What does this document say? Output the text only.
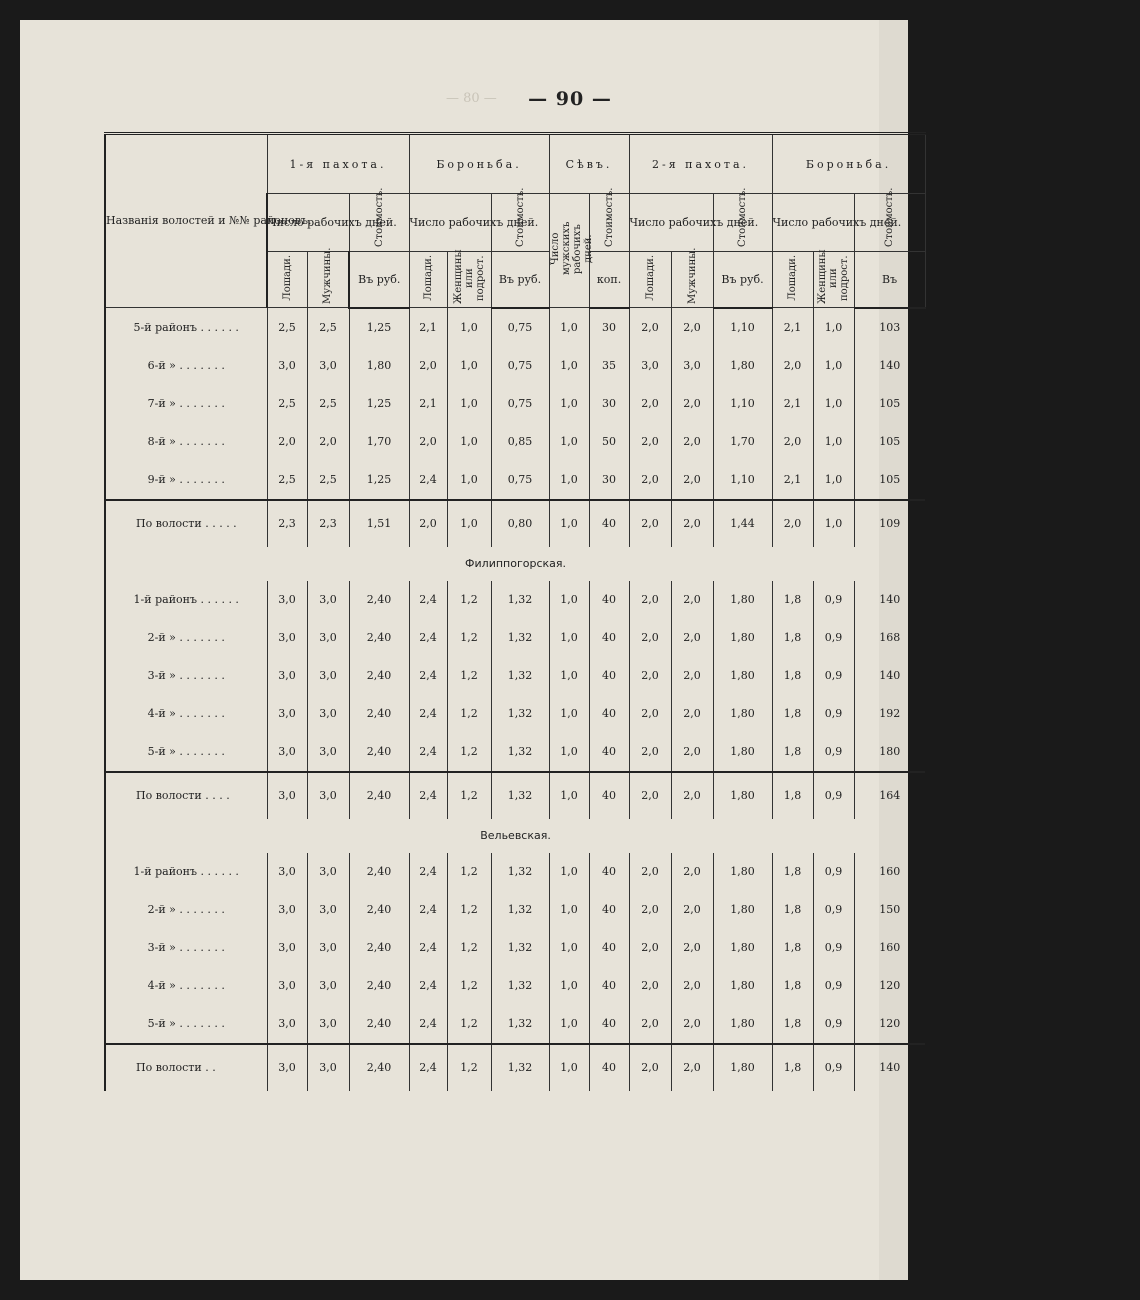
— 80 —	— 90 —
Названія волостей и №№ районовъ.	1-я пахота.			Бороньба.			Сѣвъ.		2-я пахота.			Бороньба.	
	Число рабочихъ дней.		Стоимость.	Число рабочихъ дней.		Стоимость.	Число мужскихъ рабочихъ дней.	Стоимость.	Число рабочихъ дней.		Стоимость.	Число рабочихъ дней.		Стоимость.	
	Лошади.	Мужчины.		Лошади.	Женщины или подрост.				Лошади.	Мужчины.		Лошади.	Женщины или подрост.		
			Въ руб.			Въ руб.		коп.			Въ руб.			Въ	
5-й районъ . . . . . .	2,5	2,5	1,25	2,1	1,0	0,75	1,0	30	2,0	2,0	1,10	2,1	1,0	103	
6-й » . . . . . . .	3,0	3,0	1,80	2,0	1,0	0,75	1,0	35	3,0	3,0	1,80	2,0	1,0	140	
7-й » . . . . . . .	2,5	2,5	1,25	2,1	1,0	0,75	1,0	30	2,0	2,0	1,10	2,1	1,0	105	
8-й » . . . . . . .	2,0	2,0	1,70	2,0	1,0	0,85	1,0	50	2,0	2,0	1,70	2,0	1,0	105	
9-й » . . . . . . .	2,5	2,5	1,25	2,4	1,0	0,75	1,0	30	2,0	2,0	1,10	2,1	1,0	105	
По волости . . . . .	2,3	2,3	1,51	2,0	1,0	0,80	1,0	40	2,0	2,0	1,44	2,0	1,0	109	
Филиппогорская.															
1-й районъ . . . . . .	3,0	3,0	2,40	2,4	1,2	1,32	1,0	40	2,0	2,0	1,80	1,8	0,9	140	
2-й » . . . . . . .	3,0	3,0	2,40	2,4	1,2	1,32	1,0	40	2,0	2,0	1,80	1,8	0,9	168	
3-й » . . . . . . .	3,0	3,0	2,40	2,4	1,2	1,32	1,0	40	2,0	2,0	1,80	1,8	0,9	140	
4-й » . . . . . . .	3,0	3,0	2,40	2,4	1,2	1,32	1,0	40	2,0	2,0	1,80	1,8	0,9	192	
5-й » . . . . . . .	3,0	3,0	2,40	2,4	1,2	1,32	1,0	40	2,0	2,0	1,80	1,8	0,9	180	
По волости . . . .	3,0	3,0	2,40	2,4	1,2	1,32	1,0	40	2,0	2,0	1,80	1,8	0,9	164	
Вельевская.															
1-й районъ . . . . . .	3,0	3,0	2,40	2,4	1,2	1,32	1,0	40	2,0	2,0	1,80	1,8	0,9	160	
2-й » . . . . . . .	3,0	3,0	2,40	2,4	1,2	1,32	1,0	40	2,0	2,0	1,80	1,8	0,9	150	
3-й » . . . . . . .	3,0	3,0	2,40	2,4	1,2	1,32	1,0	40	2,0	2,0	1,80	1,8	0,9	160	
4-й » . . . . . . .	3,0	3,0	2,40	2,4	1,2	1,32	1,0	40	2,0	2,0	1,80	1,8	0,9	120	
5-й » . . . . . . .	3,0	3,0	2,40	2,4	1,2	1,32	1,0	40	2,0	2,0	1,80	1,8	0,9	120	
По волости . .	3,0	3,0	2,40	2,4	1,2	1,32	1,0	40	2,0	2,0	1,80	1,8	0,9	140	
